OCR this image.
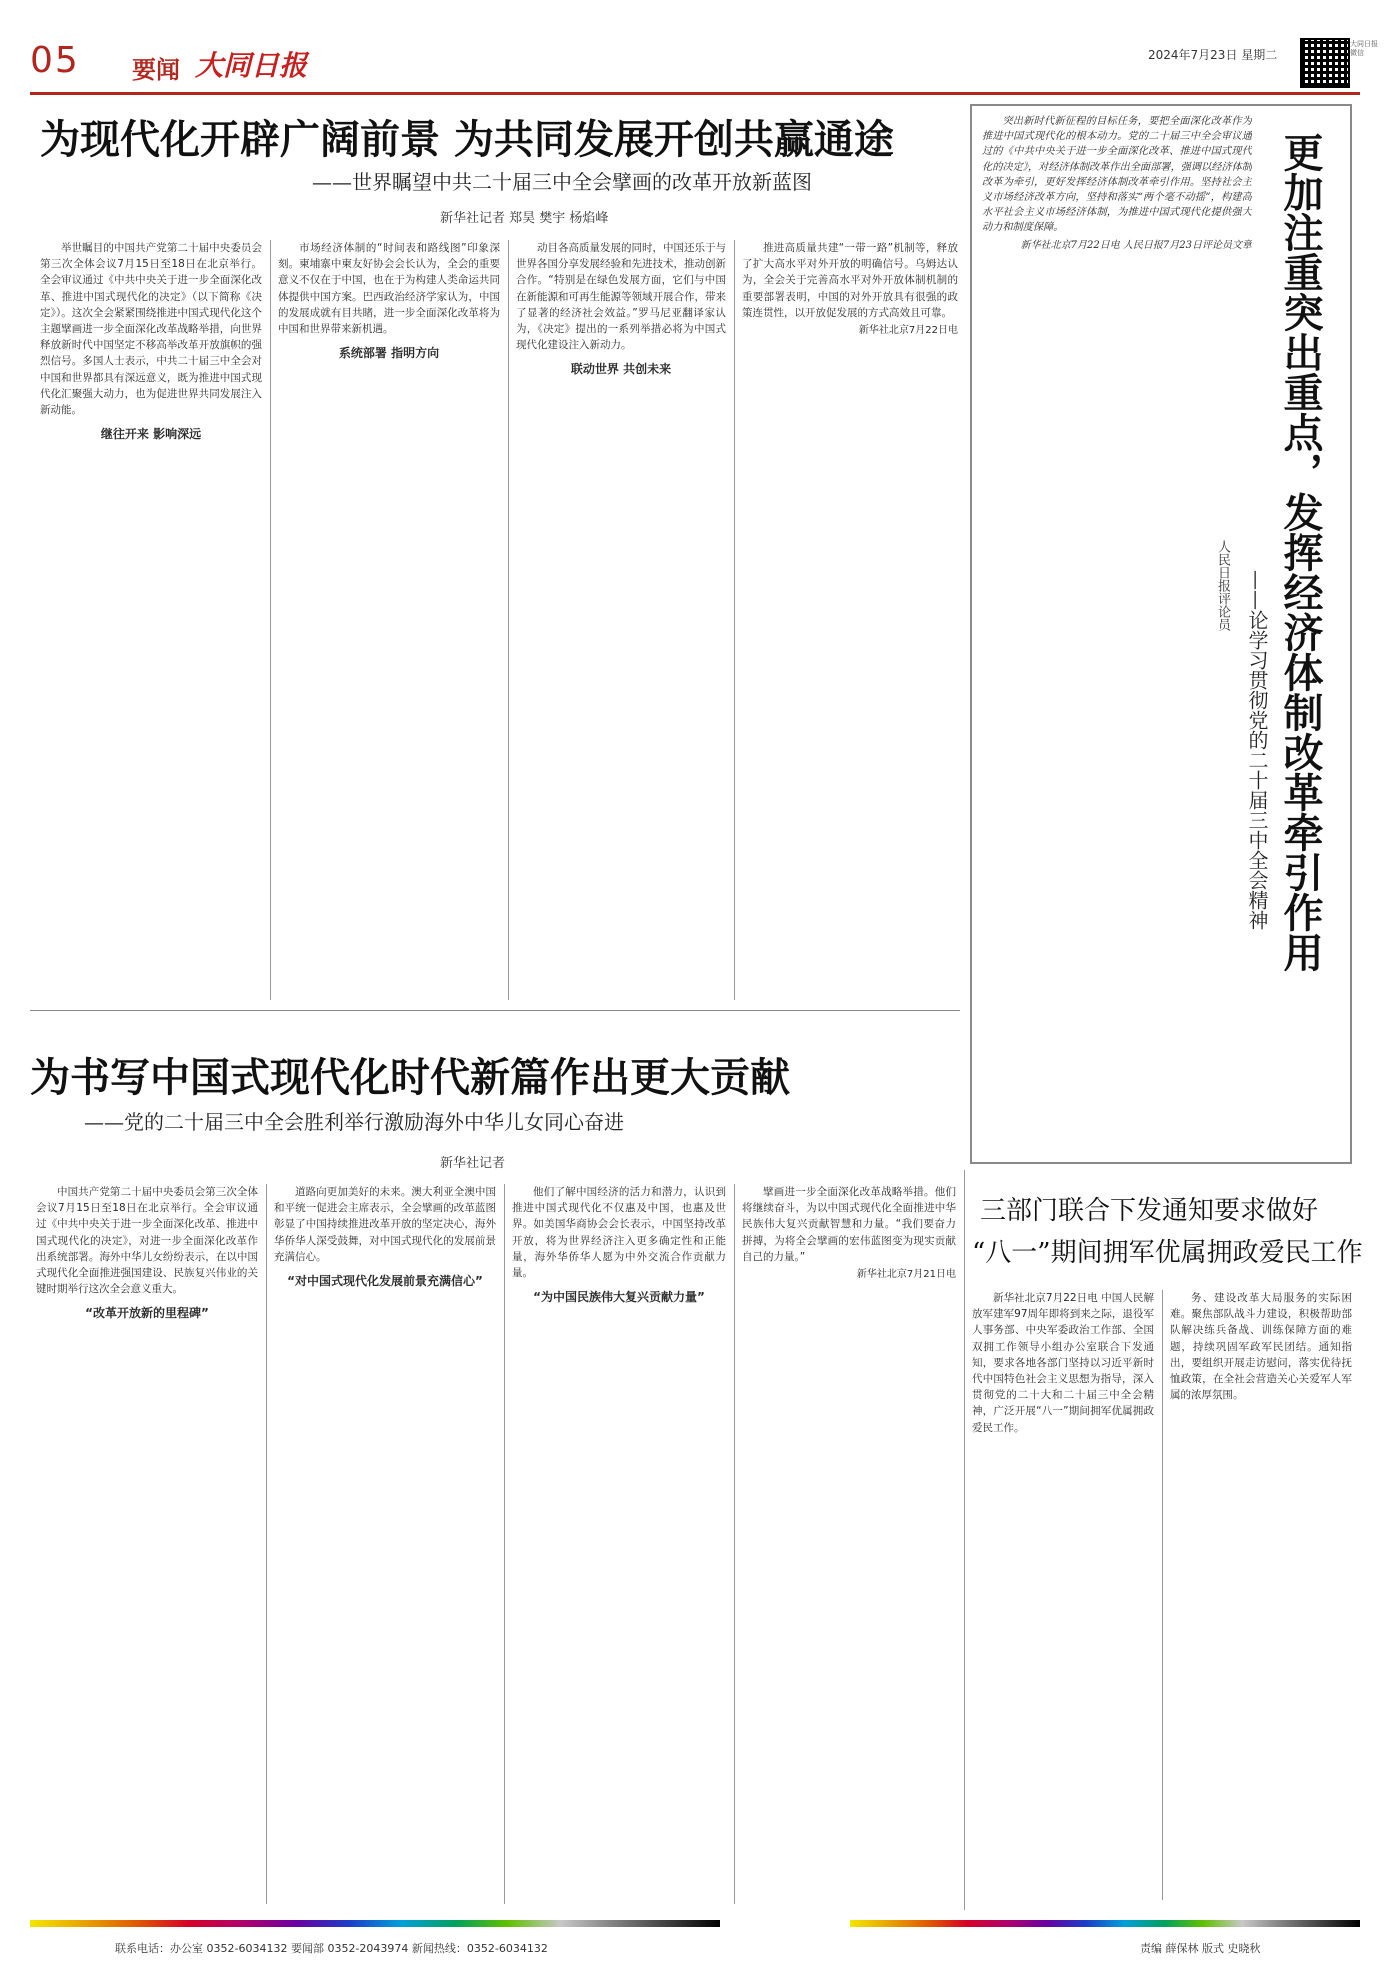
05 要闻 大同日报	2024年7月23日 星期二
大同日报微信
为现代化开辟广阔前景 为共同发展开创共赢通途
——世界瞩望中共二十届三中全会擘画的改革开放新蓝图
新华社记者 郑昊 樊宇 杨焰峰

举世瞩目的中国共产党第二十届中央委员会第三次全体会议7月15日至18日在北京举行。全会审议通过《中共中央关于进一步全面深化改革、推进中国式现代化的决定》（以下简称《决定》）。这次全会紧紧围绕推进中国式现代化这个主题擘画进一步全面深化改革战略举措，向世界释放新时代中国坚定不移高举改革开放旗帜的强烈信号。多国人士表示，中共二十届三中全会对中国和世界都具有深远意义，既为推进中国式现代化汇聚强大动力，也为促进世界共同发展注入新动能。

继往开来 影响深远

市场经济体制的“时间表和路线图”印象深刻。柬埔寨中柬友好协会会长认为，全会的重要意义不仅在于中国，也在于为构建人类命运共同体提供中国方案。巴西政治经济学家认为，中国的发展成就有目共睹，进一步全面深化改革将为中国和世界带来新机遇。

系统部署 指明方向

动目各高质量发展的同时，中国还乐于与世界各国分享发展经验和先进技术，推动创新合作。“特别是在绿色发展方面，它们与中国在新能源和可再生能源等领域开展合作，带来了显著的经济社会效益。”罗马尼亚翻译家认为，《决定》提出的一系列举措必将为中国式现代化建设注入新动力。

联动世界 共创未来

推进高质量共建“一带一路”机制等，释放了扩大高水平对外开放的明确信号。乌姆达认为，全会关于完善高水平对外开放体制机制的重要部署表明，中国的对外开放具有很强的政策连贯性，以开放促发展的方式高效且可靠。

新华社北京7月22日电

突出新时代新征程的目标任务，要把全面深化改革作为推进中国式现代化的根本动力。党的二十届三中全会审议通过的《中共中央关于进一步全面深化改革、推进中国式现代化的决定》，对经济体制改革作出全面部署，强调以经济体制改革为牵引，更好发挥经济体制改革牵引作用。坚持社会主义市场经济改革方向，坚持和落实“两个毫不动摇”，构建高水平社会主义市场经济体制，为推进中国式现代化提供强大动力和制度保障。

新华社北京7月22日电 人民日报7月23日评论员文章 更加注重突出重点，发挥经济体制改革牵引作用
——论学习贯彻党的二十届三中全会精神
人民日报评论员
为书写中国式现代化时代新篇作出更大贡献
——党的二十届三中全会胜利举行激励海外中华儿女同心奋进
新华社记者

中国共产党第二十届中央委员会第三次全体会议7月15日至18日在北京举行。全会审议通过《中共中央关于进一步全面深化改革、推进中国式现代化的决定》，对进一步全面深化改革作出系统部署。海外中华儿女纷纷表示，在以中国式现代化全面推进强国建设、民族复兴伟业的关键时期举行这次全会意义重大。

“改革开放新的里程碑”

道路向更加美好的未来。澳大利亚全澳中国和平统一促进会主席表示，全会擘画的改革蓝图彰显了中国持续推进改革开放的坚定决心，海外华侨华人深受鼓舞，对中国式现代化的发展前景充满信心。

“对中国式现代化发展前景充满信心”

他们了解中国经济的活力和潜力，认识到推进中国式现代化不仅惠及中国，也惠及世界。如美国华商协会会长表示，中国坚持改革开放，将为世界经济注入更多确定性和正能量，海外华侨华人愿为中外交流合作贡献力量。

“为中国民族伟大复兴贡献力量”

擘画进一步全面深化改革战略举措。他们将继续奋斗，为以中国式现代化全面推进中华民族伟大复兴贡献智慧和力量。“我们要奋力拼搏，为将全会擘画的宏伟蓝图变为现实贡献自己的力量。”

新华社北京7月21日电

三部门联合下发通知要求做好
“八一”期间拥军优属拥政爱民工作

新华社北京7月22日电 中国人民解放军建军97周年即将到来之际，退役军人事务部、中央军委政治工作部、全国双拥工作领导小组办公室联合下发通知，要求各地各部门坚持以习近平新时代中国特色社会主义思想为指导，深入贯彻党的二十大和二十届三中全会精神，广泛开展“八一”期间拥军优属拥政爱民工作。

务、建设改革大局服务的实际困难。聚焦部队战斗力建设，积极帮助部队解决练兵备战、训练保障方面的难题，持续巩固军政军民团结。通知指出，要组织开展走访慰问，落实优待抚恤政策，在全社会营造关心关爱军人军属的浓厚氛围。

联系电话：办公室 0352-6034132 要闻部 0352-2043974 新闻热线：0352-6034132	责编 薛保林 版式 史晓秋
